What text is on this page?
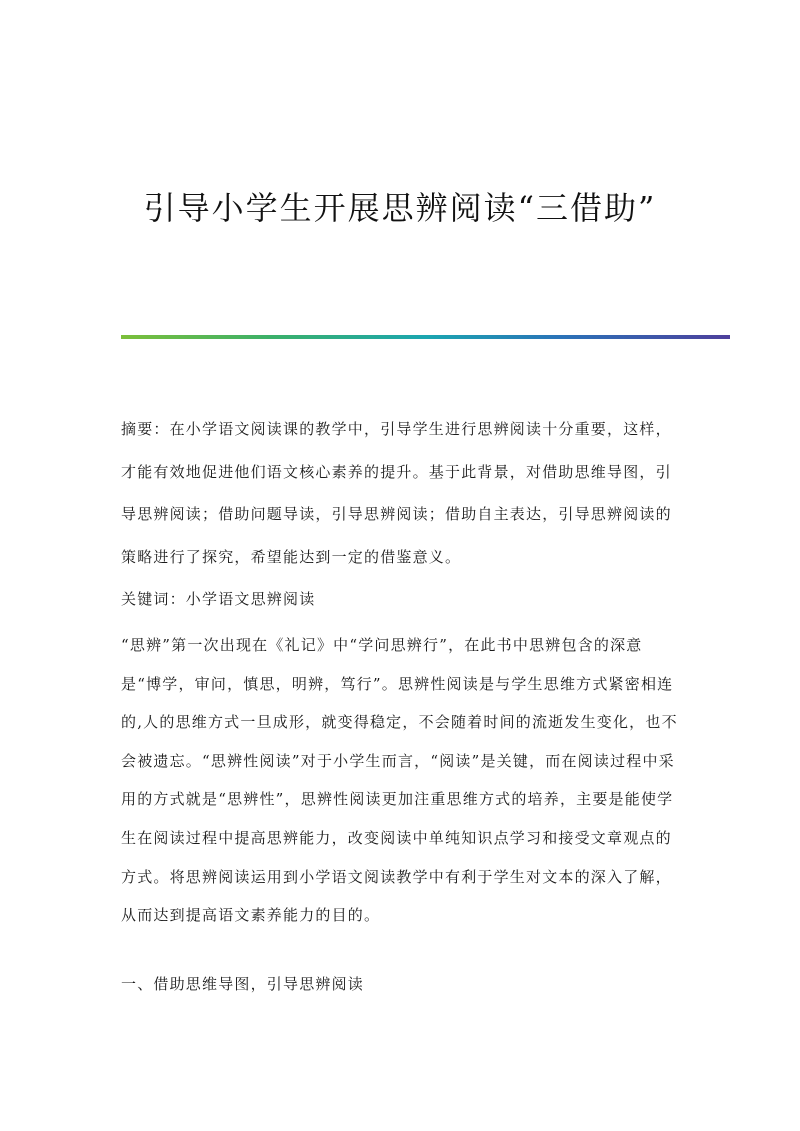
引导小学生开展思辨阅读“三借助”
摘要：在小学语文阅读课的教学中，引导学生进行思辨阅读十分重要，这样，才能有效地促进他们语文核心素养的提升。基于此背景，对借助思维导图，引导思辨阅读；借助问题导读，引导思辨阅读；借助自主表达，引导思辨阅读的策略进行了探究，希望能达到一定的借鉴意义。
关键词：小学语文思辨阅读
“思辨”第一次出现在《礼记》中“学问思辨行”，在此书中思辨包含的深意是“博学，审问，慎思，明辨，笃行”。思辨性阅读是与学生思维方式紧密相连的,人的思维方式一旦成形，就变得稳定，不会随着时间的流逝发生变化，也不会被遗忘。“思辨性阅读”对于小学生而言，“阅读”是关键，而在阅读过程中采用的方式就是“思辨性”，思辨性阅读更加注重思维方式的培养，主要是能使学生在阅读过程中提高思辨能力，改变阅读中单纯知识点学习和接受文章观点的方式。将思辨阅读运用到小学语文阅读教学中有利于学生对文本的深入了解，从而达到提高语文素养能力的目的。
一、借助思维导图，引导思辨阅读
